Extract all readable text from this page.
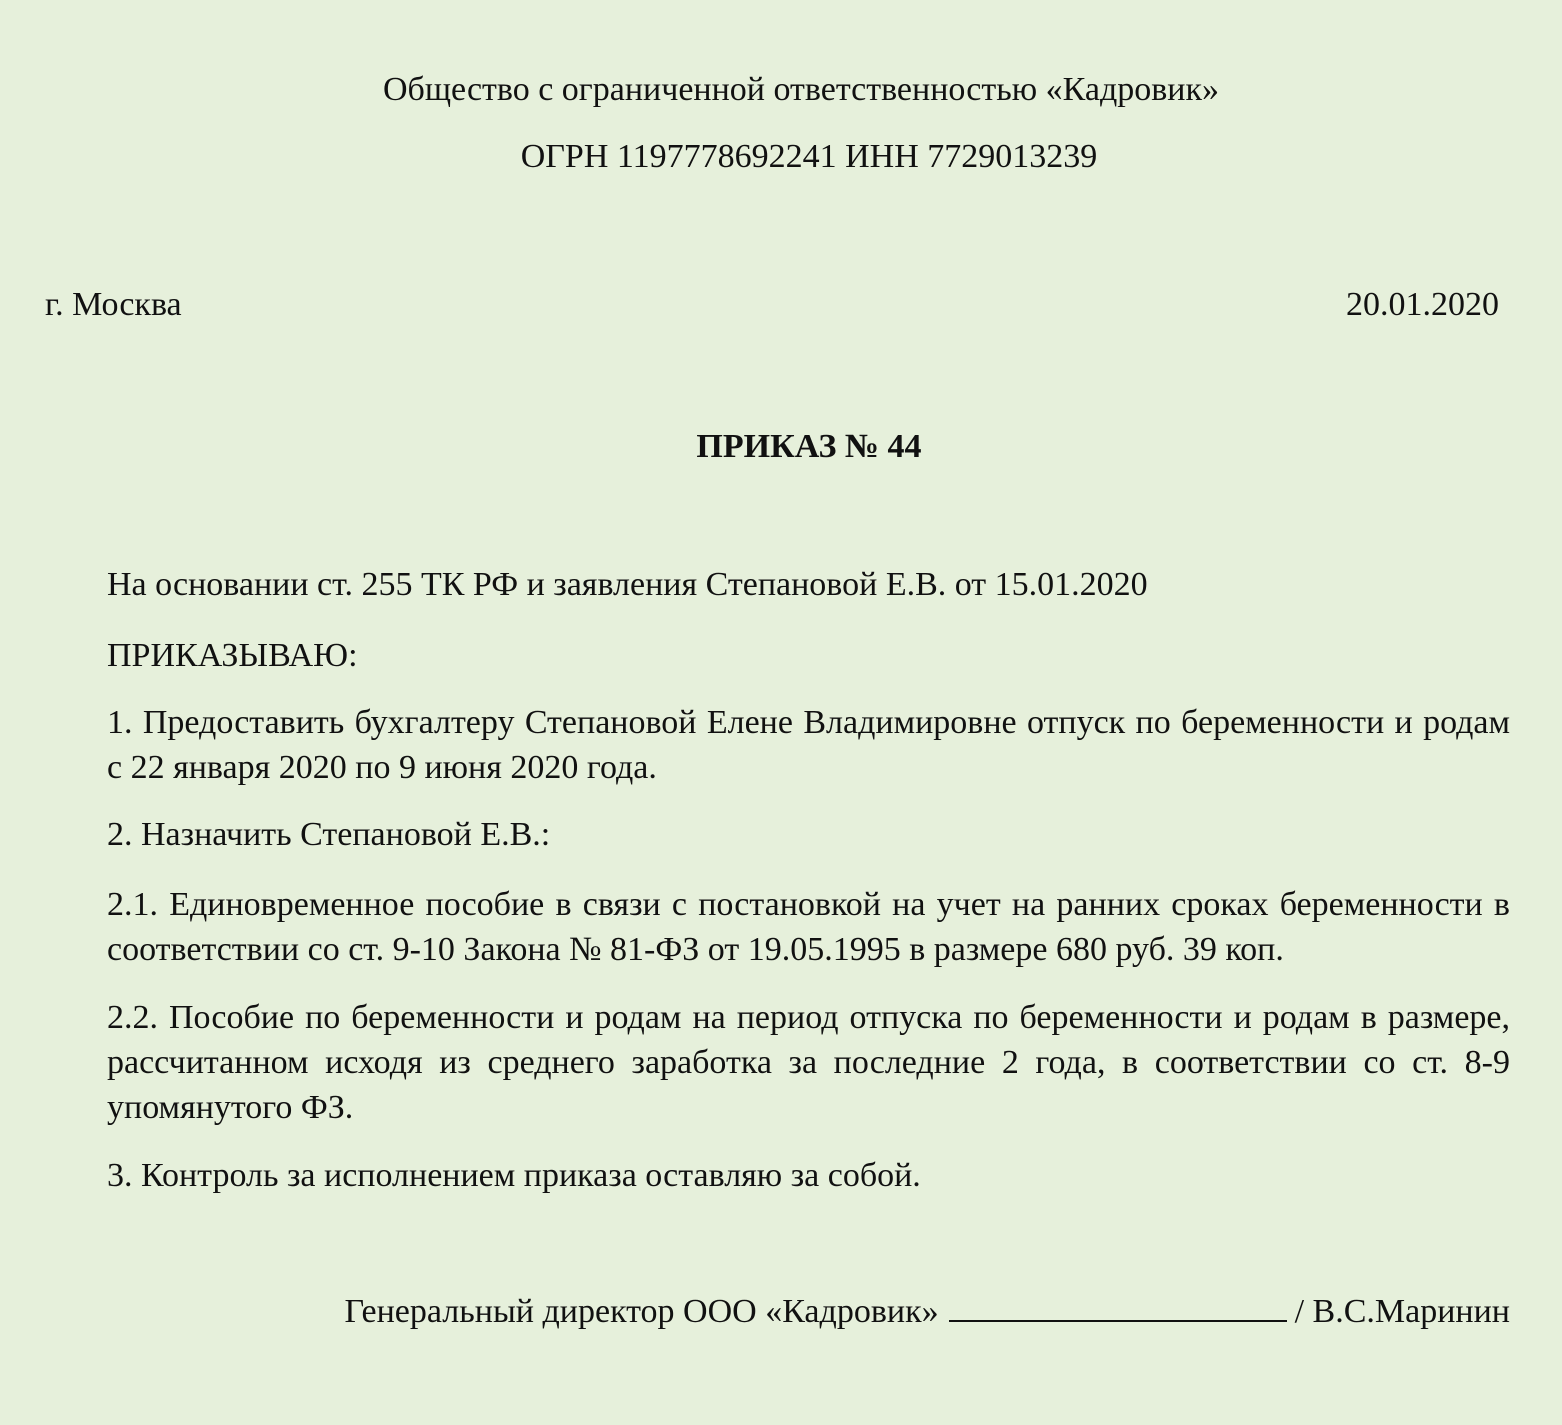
Общество с ограниченной ответственностью «Кадровик»
ОГРН 1197778692241 ИНН 7729013239
г. Москва	20.01.2020
ПРИКАЗ № 44

На основании ст. 255 ТК РФ и заявления Степановой Е.В. от 15.01.2020

ПРИКАЗЫВАЮ:

1. Предоставить бухгалтеру Степановой Елене Владимировне отпуск по беременности и родам с 22 января 2020 по 9 июня 2020 года.

2. Назначить Степановой Е.В.:

2.1. Единовременное пособие в связи с постановкой на учет на ранних сроках беременности в соответствии со ст. 9-10 Закона № 81-ФЗ от 19.05.1995 в размере 680 руб. 39 коп.

2.2. Пособие по беременности и родам на период отпуска по беременности и родам в размере, рассчитанном исходя из среднего заработка за последние 2 года, в соответствии со ст. 8-9 упомянутого ФЗ.

3. Контроль за исполнением приказа оставляю за собой.

Генеральный директор ООО «Кадровик»	/ В.С.Маринин
